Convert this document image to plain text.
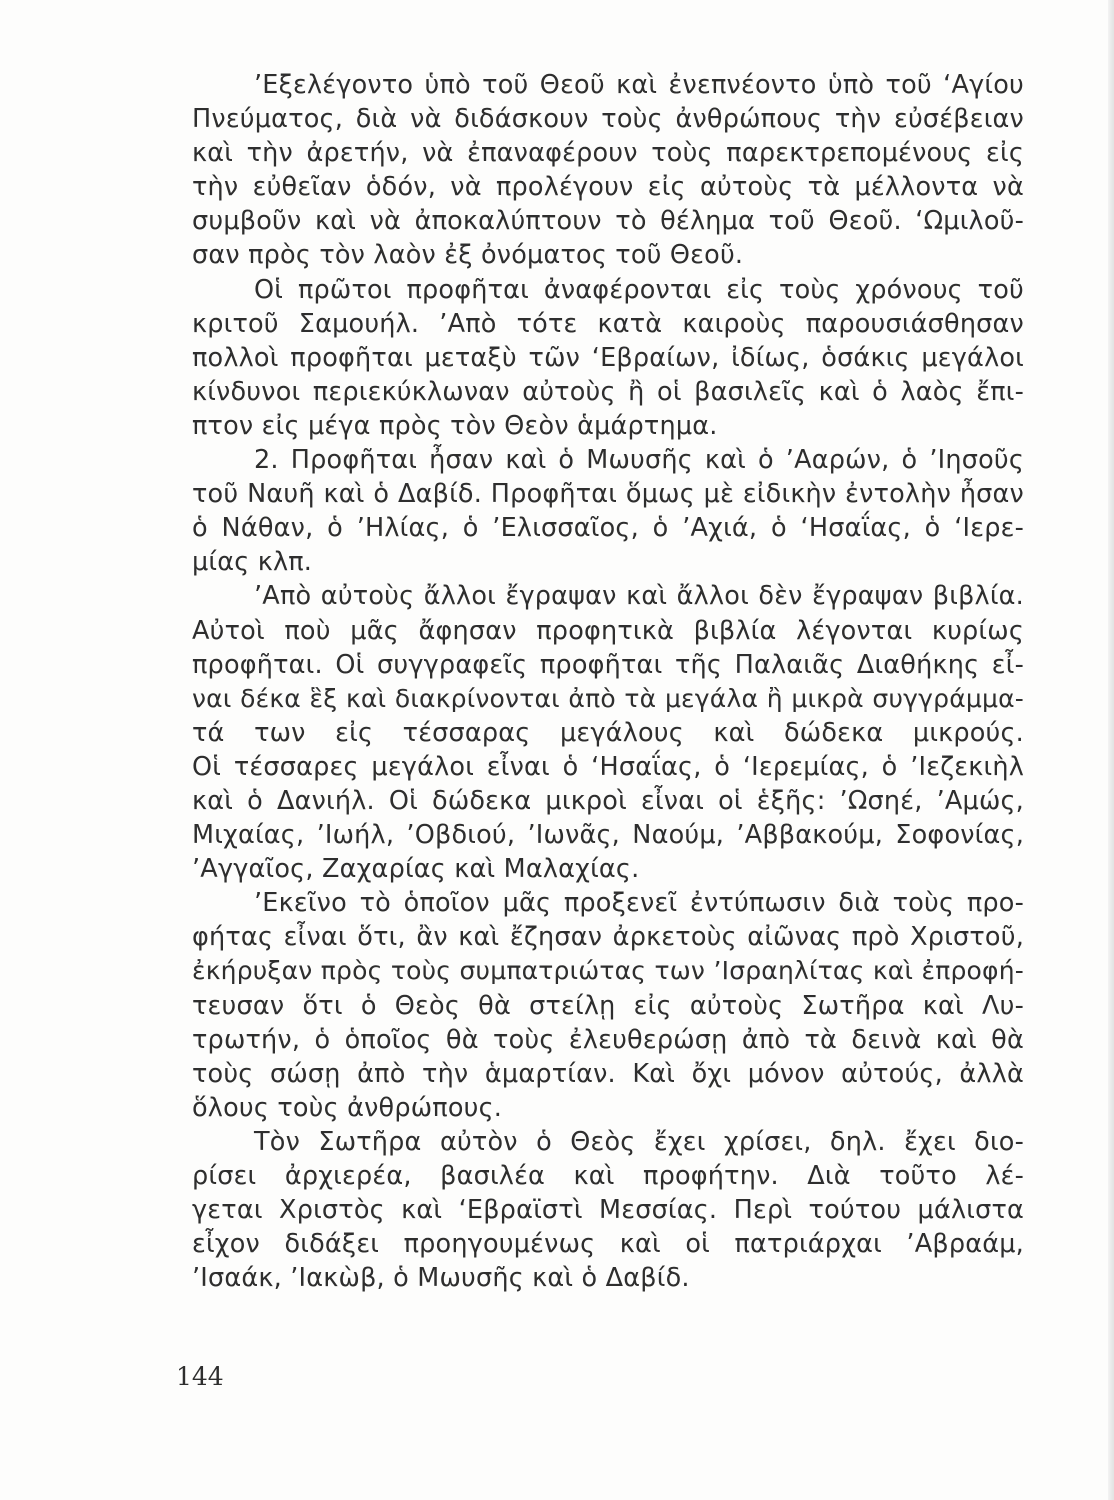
’Εξελέγοντο ὑπὸ τοῦ Θεοῦ καὶ ἐνεπνέοντο ὑπὸ τοῦ ‘Αγίου
Πνεύματος, διὰ νὰ διδάσκουν τοὺς ἀνθρώπους τὴν εὐσέβειαν
καὶ τὴν ἀρετήν, νὰ ἐπαναφέρουν τοὺς παρεκτρεπομένους εἰς
τὴν εὐθεῖαν ὁδόν, νὰ προλέγουν εἰς αὐτοὺς τὰ μέλλοντα νὰ
συμβοῦν καὶ νὰ ἀποκαλύπτουν τὸ θέλημα τοῦ Θεοῦ. ‘Ωμιλοῦ-
σαν πρὸς τὸν λαὸν ἐξ ὀνόματος τοῦ Θεοῦ.
Οἱ πρῶτοι προφῆται ἀναφέρονται εἰς τοὺς χρόνους τοῦ
κριτοῦ Σαμουήλ. ’Απὸ τότε κατὰ καιροὺς παρουσιάσθησαν
πολλοὶ προφῆται μεταξὺ τῶν ‘Εβραίων, ἰδίως, ὁσάκις μεγάλοι
κίνδυνοι περιεκύκλωναν αὐτοὺς ἢ οἱ βασιλεῖς καὶ ὁ λαὸς ἔπι-
πτον εἰς μέγα πρὸς τὸν Θεὸν ἁμάρτημα.
2. Προφῆται ἦσαν καὶ ὁ Μωυσῆς καὶ ὁ ’Ααρών, ὁ ’Ιησοῦς
τοῦ Ναυῆ καὶ ὁ Δαβίδ. Προφῆται ὅμως μὲ εἰδικὴν ἐντολὴν ἦσαν
ὁ Νάθαν, ὁ ’Ηλίας, ὁ ’Ελισσαῖος, ὁ ’Αχιά, ὁ ‘Ησαΐας, ὁ ‘Ιερε-
μίας κλπ.
’Απὸ αὐτοὺς ἄλλοι ἔγραψαν καὶ ἄλλοι δὲν ἔγραψαν βιβλία.
Αὐτοὶ ποὺ μᾶς ἄφησαν προφητικὰ βιβλία λέγονται κυρίως
προφῆται. Οἱ συγγραφεῖς προφῆται τῆς Παλαιᾶς Διαθήκης εἶ-
ναι δέκα ἓξ καὶ διακρίνονται ἀπὸ τὰ μεγάλα ἢ μικρὰ συγγράμμα-
τά των εἰς τέσσαρας μεγάλους καὶ δώδεκα μικρούς.
Οἱ τέσσαρες μεγάλοι εἶναι ὁ ‘Ησαΐας, ὁ ‘Ιερεμίας, ὁ ’Ιεζεκιὴλ
καὶ ὁ Δανιήλ. Οἱ δώδεκα μικροὶ εἶναι οἱ ἑξῆς: ’Ωσηέ, ’Αμώς,
Μιχαίας, ’Ιωήλ, ’Οβδιού, ’Ιωνᾶς, Ναούμ, ’Αββακούμ, Σοφονίας,
’Αγγαῖος, Ζαχαρίας καὶ Μαλαχίας.
’Εκεῖνο τὸ ὁποῖον μᾶς προξενεῖ ἐντύπωσιν διὰ τοὺς προ-
φήτας εἶναι ὅτι, ἂν καὶ ἔζησαν ἀρκετοὺς αἰῶνας πρὸ Χριστοῦ,
ἐκήρυξαν πρὸς τοὺς συμπατριώτας των ’Ισραηλίτας καὶ ἐπροφή-
τευσαν ὅτι ὁ Θεὸς θὰ στείλῃ εἰς αὐτοὺς Σωτῆρα καὶ Λυ-
τρωτήν, ὁ ὁποῖος θὰ τοὺς ἐλευθερώσῃ ἀπὸ τὰ δεινὰ καὶ θὰ
τοὺς σώσῃ ἀπὸ τὴν ἁμαρτίαν. Καὶ ὄχι μόνον αὐτούς, ἀλλὰ
ὅλους τοὺς ἀνθρώπους.
Τὸν Σωτῆρα αὐτὸν ὁ Θεὸς ἔχει χρίσει, δηλ. ἔχει διο-
ρίσει ἀρχιερέα, βασιλέα καὶ προφήτην. Διὰ τοῦτο λέ-
γεται Χριστὸς καὶ ‘Εβραϊστὶ Μεσσίας. Περὶ τούτου μάλιστα
εἶχον διδάξει προηγουμένως καὶ οἱ πατριάρχαι ’Αβραάμ,
’Ισαάκ, ’Ιακὼβ, ὁ Μωυσῆς καὶ ὁ Δαβίδ.
144
